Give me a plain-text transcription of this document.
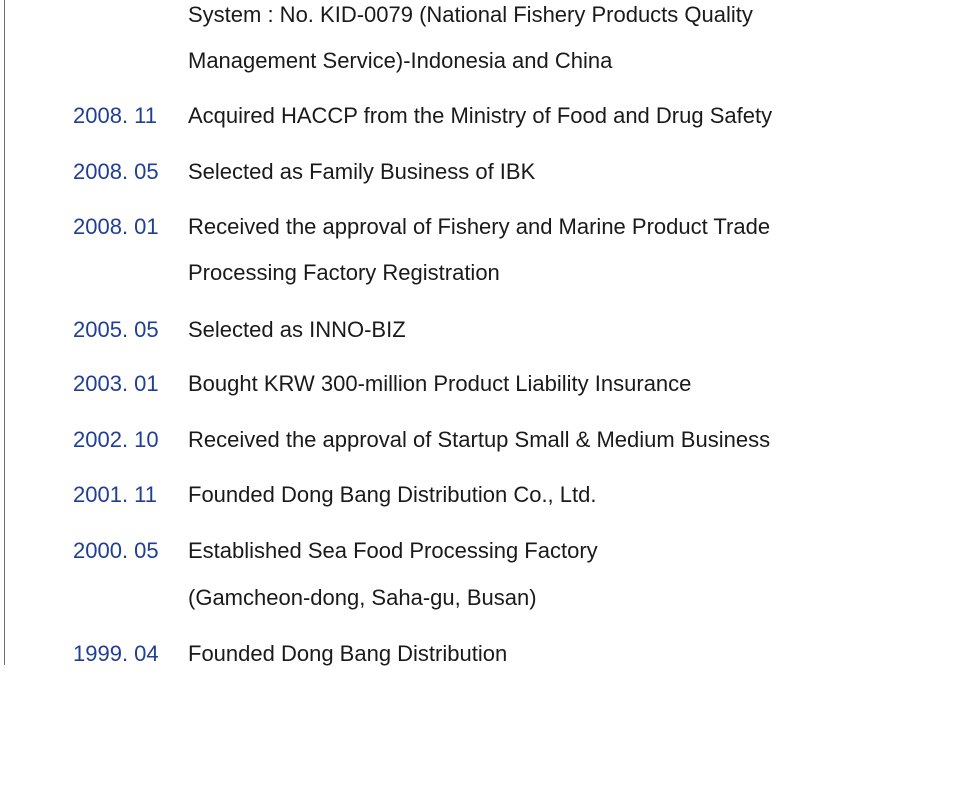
System : No. KID-0079 (National Fishery Products Quality
Management Service)-Indonesia and China
2008. 11 Acquired HACCP from the Ministry of Food and Drug Safety
2008. 05 Selected as Family Business of IBK
2008. 01 Received the approval of Fishery and Marine Product Trade
Processing Factory Registration
2005. 05 Selected as INNO-BIZ
2003. 01 Bought KRW 300-million Product Liability Insurance
2002. 10 Received the approval of Startup Small & Medium Business
2001. 11 Founded Dong Bang Distribution Co., Ltd.
2000. 05 Established Sea Food Processing Factory
(Gamcheon-dong, Saha-gu, Busan)
1999. 04 Founded Dong Bang Distribution
